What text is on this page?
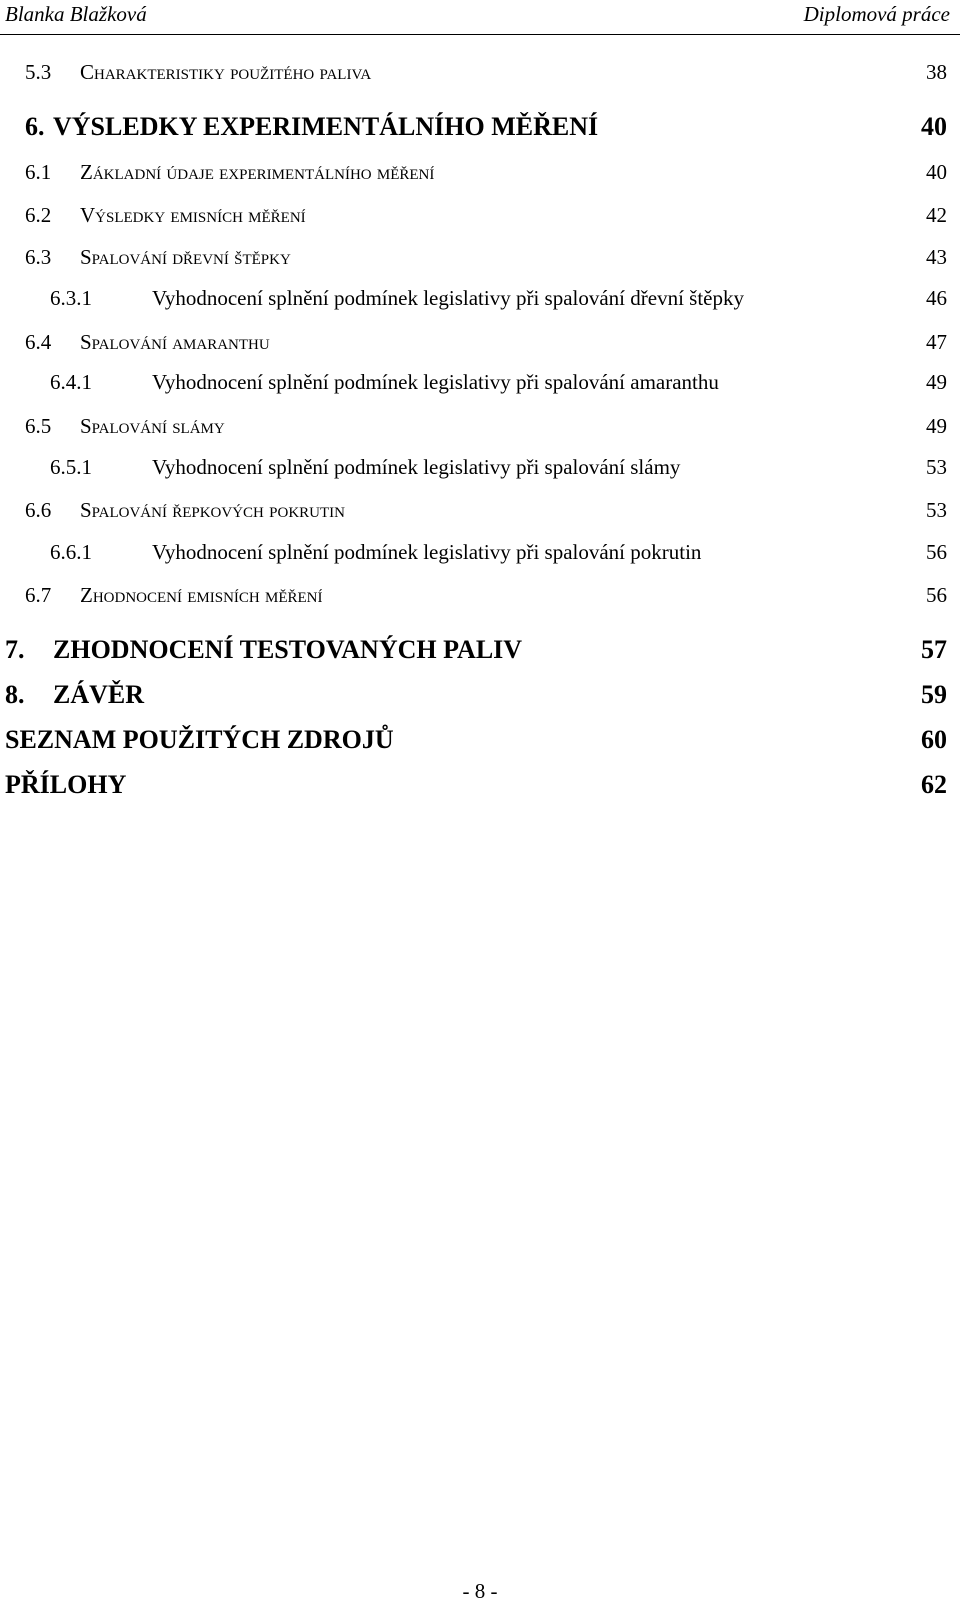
Blanka Blažková	Diplomová práce
5.3 Charakteristiky použitého paliva	38
6. VÝSLEDKY EXPERIMENTÁLNÍHO MĚŘENÍ	40
6.1 Základní údaje experimentálního měření	40
6.2 Výsledky emisních měření	42
6.3 Spalování dřevní štěpky	43
6.3.1	Vyhodnocení splnění podmínek legislativy při spalování dřevní štěpky	46
6.4 Spalování amaranthu	47
6.4.1	Vyhodnocení splnění podmínek legislativy při spalování amaranthu	49
6.5 Spalování slámy	49
6.5.1	Vyhodnocení splnění podmínek legislativy při spalování slámy	53
6.6 Spalování řepkových pokrutin	53
6.6.1	Vyhodnocení splnění podmínek legislativy při spalování pokrutin	56
6.7 Zhodnocení emisních měření	56
7. ZHODNOCENÍ TESTOVANÝCH PALIV	57
8. ZÁVĚR	59
SEZNAM POUŽITÝCH ZDROJŮ	60
PŘÍLOHY	62
- 8 -
